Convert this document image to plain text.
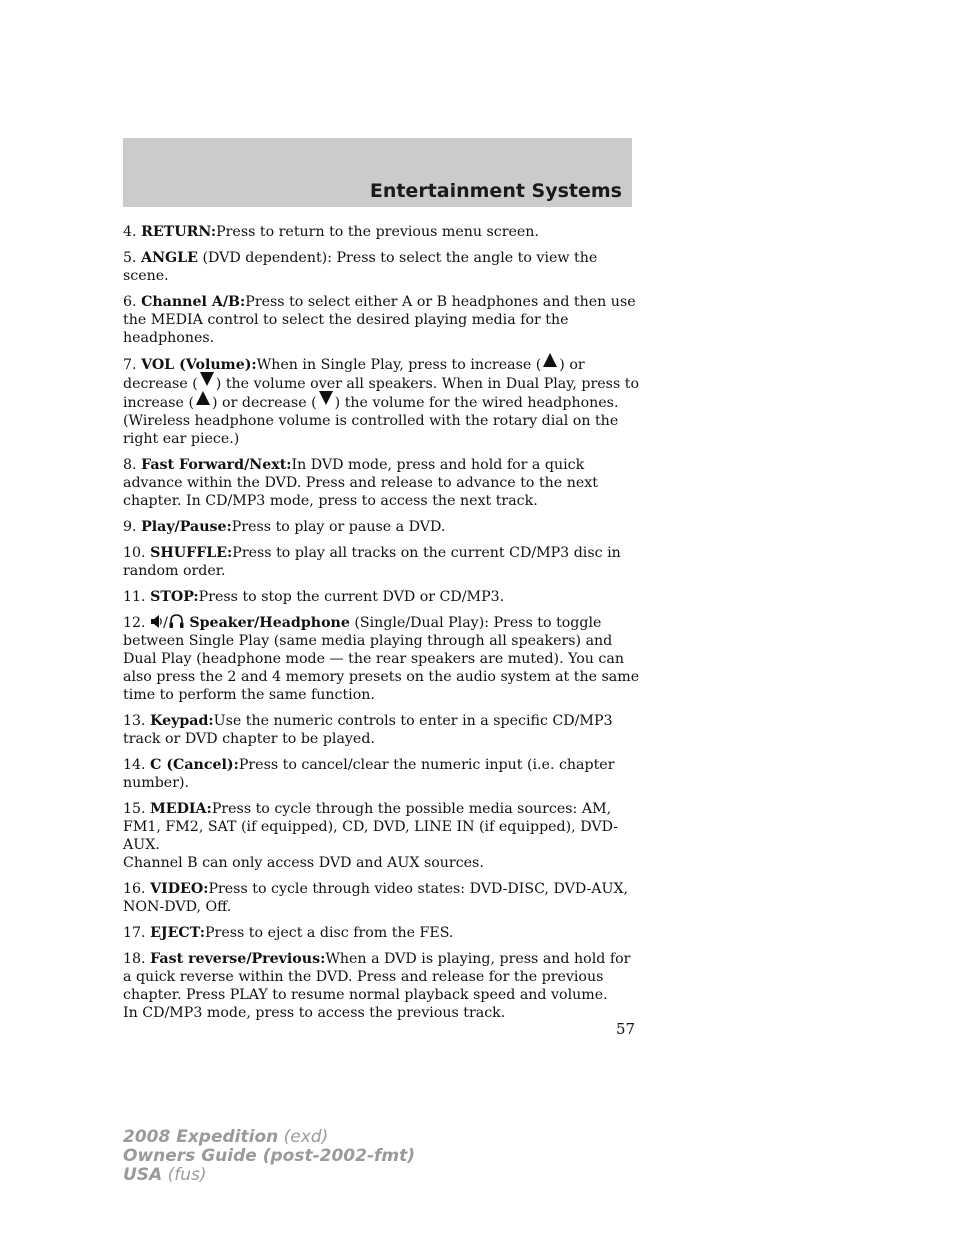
Entertainment Systems

4. RETURN:Press to return to the previous menu screen.

5. ANGLE (DVD dependent): Press to select the angle to view the scene.

6. Channel A/B:Press to select either A or B headphones and then use the MEDIA control to select the desired playing media for the headphones.

7. VOL (Volume):When in Single Play, press to increase ( ) or decrease ( ) the volume over all speakers. When in Dual Play, press to increase ( ) or decrease ( ) the volume for the wired headphones. (Wireless headphone volume is controlled with the rotary dial on the right ear piece.)

8. Fast Forward/Next:In DVD mode, press and hold for a quick advance within the DVD. Press and release to advance to the next chapter. In CD/MP3 mode, press to access the next track.

9. Play/Pause:Press to play or pause a DVD.

10. SHUFFLE:Press to play all tracks on the current CD/MP3 disc in random order.

11. STOP:Press to stop the current DVD or CD/MP3.

12. / Speaker/Headphone (Single/Dual Play): Press to toggle between Single Play (same media playing through all speakers) and Dual Play (headphone mode — the rear speakers are muted). You can also press the 2 and 4 memory presets on the audio system at the same time to perform the same function.

13. Keypad:Use the numeric controls to enter in a specific CD/MP3 track or DVD chapter to be played.

14. C (Cancel):Press to cancel/clear the numeric input (i.e. chapter number).

15. MEDIA:Press to cycle through the possible media sources: AM, FM1, FM2, SAT (if equipped), CD, DVD, LINE IN (if equipped), DVD-AUX.
Channel B can only access DVD and AUX sources.

16. VIDEO:Press to cycle through video states: DVD-DISC, DVD-AUX, NON-DVD, Off.

17. EJECT:Press to eject a disc from the FES.

18. Fast reverse/Previous:When a DVD is playing, press and hold for a quick reverse within the DVD. Press and release for the previous chapter. Press PLAY to resume normal playback speed and volume.
In CD/MP3 mode, press to access the previous track.

57
2008 Expedition (exd)
Owners Guide (post-2002-fmt)
USA (fus)
